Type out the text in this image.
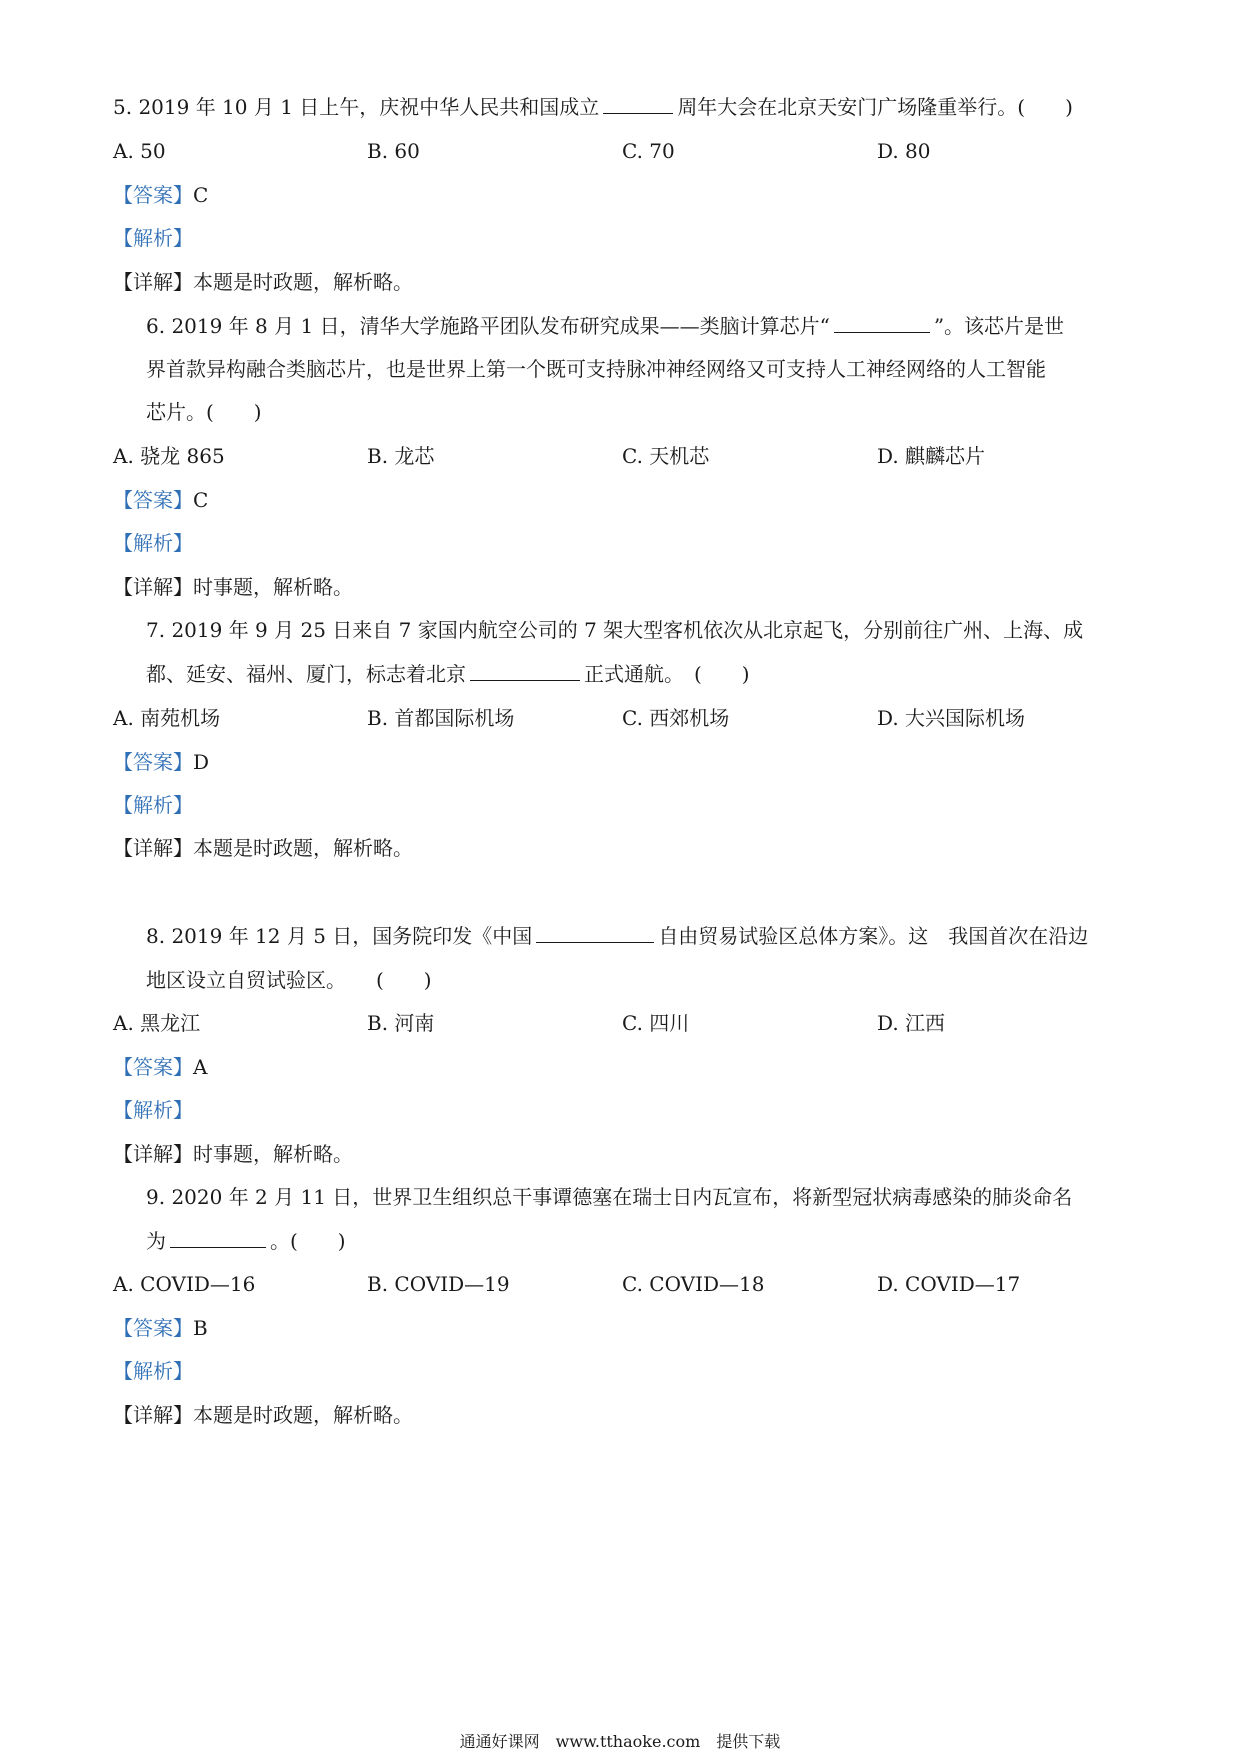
5. 2019 年 10 月 1 日上午，庆祝中华人民共和国成立	周年大会在北京天安门广场隆重举行。(　　)
A. 50	B. 60	C. 70	D. 80
【答案】C
【解析】
【详解】本题是时政题，解析略。
6. 2019 年 8 月 1 日，清华大学施路平团队发布研究成果——类脑计算芯片“	”。该芯片是世
界首款异构融合类脑芯片，也是世界上第一个既可支持脉冲神经网络又可支持人工神经网络的人工智能
芯片。(　　)
A. 骁龙 865	B. 龙芯	C. 天机芯	D. 麒麟芯片
【答案】C
【解析】
【详解】时事题，解析略。
7. 2019 年 9 月 25 日来自 7 家国内航空公司的 7 架大型客机依次从北京起飞，分别前往广州、上海、成
都、延安、福州、厦门，标志着北京	正式通航。　(　　)
A. 南苑机场	B. 首都国际机场	C. 西郊机场	D. 大兴国际机场
【答案】D
【解析】
【详解】本题是时政题，解析略。
8. 2019 年 12 月 5 日，国务院印发《中国	自由贸易试验区总体方案》。这　我国首次在沿边
地区设立自贸试验区。　　(　　)
A. 黑龙江	B. 河南	C. 四川	D. 江西
【答案】A
【解析】
【详解】时事题，解析略。
9. 2020 年 2 月 11 日，世界卫生组织总干事谭德塞在瑞士日内瓦宣布，将新型冠状病毒感染的肺炎命名
为	。(　　)
A. COVID—16	B. COVID—19	C. COVID—18	D. COVID—17
【答案】B
【解析】
【详解】本题是时政题，解析略。
通通好课网　www.tthaoke.com　提供下载
